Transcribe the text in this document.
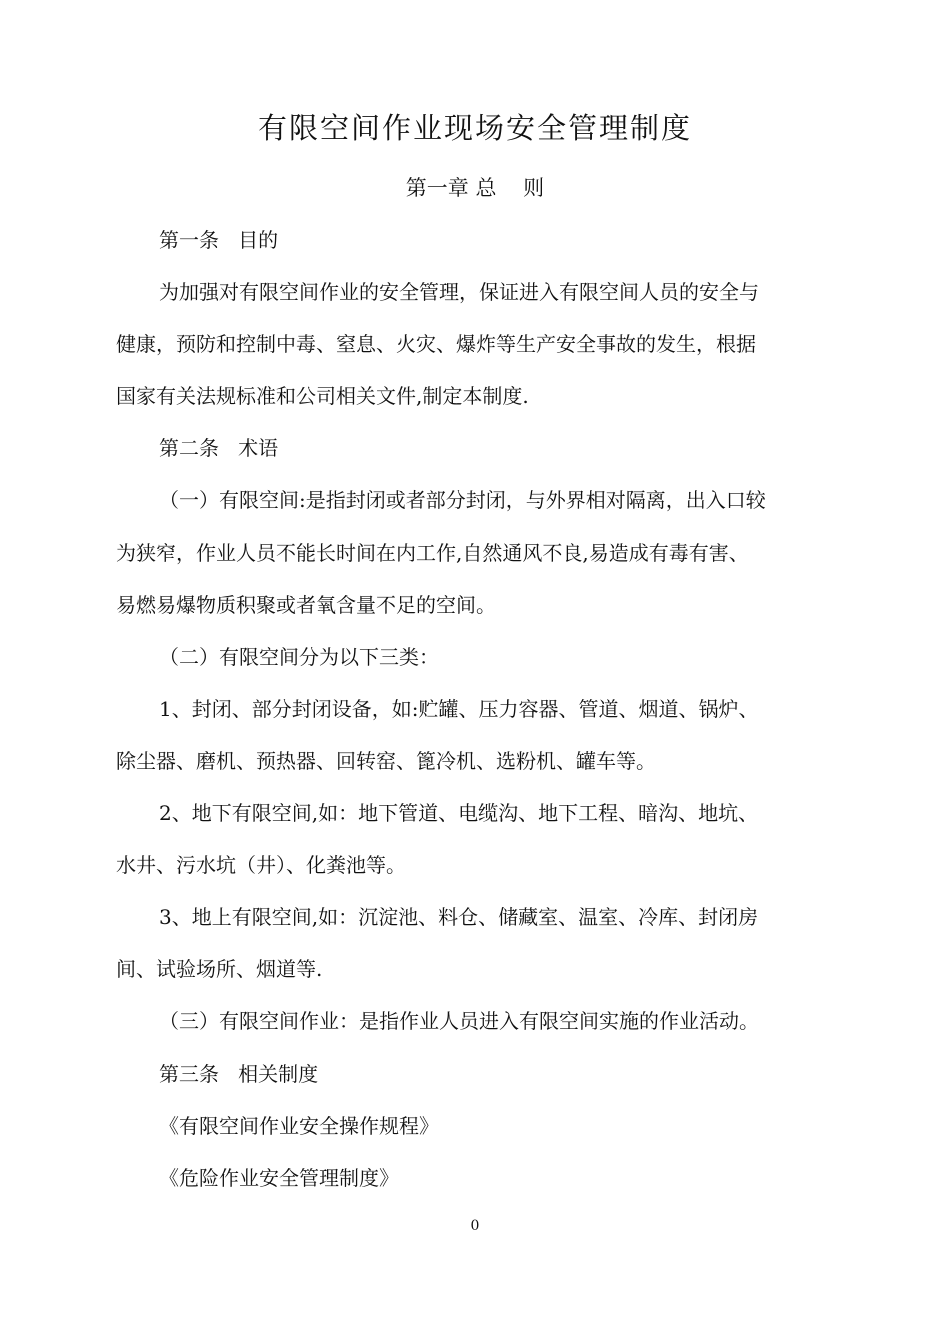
有限空间作业现场安全管理制度
第一章 总    则
第一条   目的
为加强对有限空间作业的安全管理，保证进入有限空间人员的安全与
健康，预防和控制中毒、窒息、火灾、爆炸等生产安全事故的发生，根据
国家有关法规标准和公司相关文件,制定本制度.
第二条   术语
（一）有限空间:是指封闭或者部分封闭，与外界相对隔离，出入口较
为狭窄，作业人员不能长时间在内工作,自然通风不良,易造成有毒有害、
易燃易爆物质积聚或者氧含量不足的空间。
（二）有限空间分为以下三类：
1、封闭、部分封闭设备，如:贮罐、压力容器、管道、烟道、锅炉、
除尘器、磨机、预热器、回转窑、篦冷机、选粉机、罐车等。
2、地下有限空间,如：地下管道、电缆沟、地下工程、暗沟、地坑、
水井、污水坑（井）、化粪池等。
3、地上有限空间,如：沉淀池、料仓、储藏室、温室、冷库、封闭房
间、试验场所、烟道等.
（三）有限空间作业：是指作业人员进入有限空间实施的作业活动。
第三条   相关制度
《有限空间作业安全操作规程》
《危险作业安全管理制度》
0
